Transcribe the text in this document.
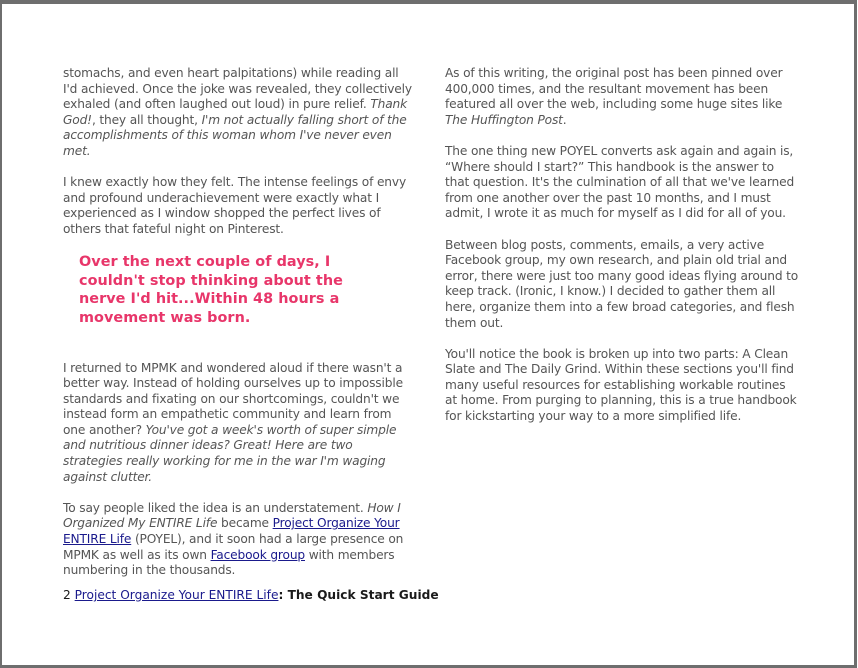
stomachs, and even heart palpitations) while reading all I'd achieved. Once the joke was revealed, they collectively exhaled (and often laughed out loud) in pure relief. Thank God!, they all thought, I'm not actually falling short of the accomplishments of this woman whom I've never even met.

I knew exactly how they felt. The intense feelings of envy and profound underachievement were exactly what I experienced as I window shopped the perfect lives of others that fateful night on Pinterest.

Over the next couple of days, I couldn't stop thinking about the nerve I'd hit...Within 48 hours a movement was born.

I returned to MPMK and wondered aloud if there wasn't a better way. Instead of holding ourselves up to impossible standards and fixating on our shortcomings, couldn't we instead form an empathetic community and learn from one another? You've got a week's worth of super simple and nutritious dinner ideas? Great! Here are two strategies really working for me in the war I'm waging against clutter.

To say people liked the idea is an understatement. How I Organized My ENTIRE Life became Project Organize Your ENTIRE Life (POYEL), and it soon had a large presence on MPMK as well as its own Facebook group with members numbering in the thousands.

As of this writing, the original post has been pinned over 400,000 times, and the resultant movement has been featured all over the web, including some huge sites like The Huffington Post.

The one thing new POYEL converts ask again and again is, “Where should I start?” This handbook is the answer to that question. It's the culmination of all that we've learned from one another over the past 10 months, and I must admit, I wrote it as much for myself as I did for all of you.

Between blog posts, comments, emails, a very active Facebook group, my own research, and plain old trial and error, there were just too many good ideas flying around to keep track. (Ironic, I know.) I decided to gather them all here, organize them into a few broad categories, and flesh them out.

You'll notice the book is broken up into two parts: A Clean Slate and The Daily Grind. Within these sections you'll find many useful resources for establishing workable routines at home. From purging to planning, this is a true handbook for kickstarting your way to a more simplified life.

2 Project Organize Your ENTIRE Life: The Quick Start Guide
